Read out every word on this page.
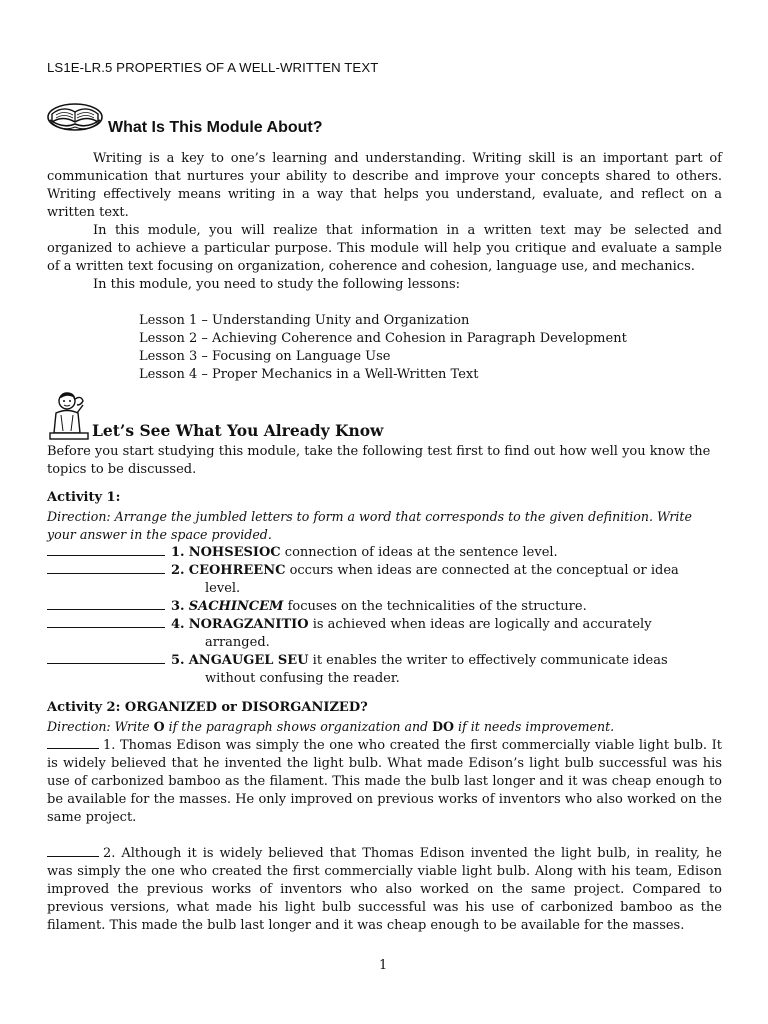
LS1E-LR.5 PROPERTIES OF A WELL-WRITTEN TEXT
What Is This Module About?

Writing is a key to one’s learning and understanding. Writing skill is an important part of communication that nurtures your ability to describe and improve your concepts shared to others. Writing effectively means writing in a way that helps you understand, evaluate, and reflect on a written text.

In this module, you will realize that information in a written text may be selected and organized to achieve a particular purpose. This module will help you critique and evaluate a sample of a written text focusing on organization, coherence and cohesion, language use, and mechanics.

In this module, you need to study the following lessons:

Lesson 1 – Understanding Unity and Organization
Lesson 2 – Achieving Coherence and Cohesion in Paragraph Development
Lesson 3 – Focusing on Language Use
Lesson 4 – Proper Mechanics in a Well-Written Text
Let’s See What You Already Know
Before you start studying this module, take the following test first to find out how well you know the topics to be discussed.
Activity 1:
Direction: Arrange the jumbled letters to form a word that corresponds to the given definition. Write your answer in the space provided.
1. NOHSESIOC connection of ideas at the sentence level.
2. CEOHREENC occurs when ideas are connected at the conceptual or idea
level.
3. SACHINCEM focuses on the technicalities of the structure.
4. NORAGZANITIO is achieved when ideas are logically and accurately
arranged.
5. ANGAUGEL SEU it enables the writer to effectively communicate ideas
without confusing the reader.
Activity 2: ORGANIZED or DISORGANIZED?
Direction: Write O if the paragraph shows organization and DO if it needs improvement.
1. Thomas Edison was simply the one who created the first commercially viable light bulb. It is widely believed that he invented the light bulb. What made Edison’s light bulb successful was his use of carbonized bamboo as the filament. This made the bulb last longer and it was cheap enough to be available for the masses. He only improved on previous works of inventors who also worked on the same project.
2. Although it is widely believed that Thomas Edison invented the light bulb, in reality, he was simply the one who created the first commercially viable light bulb. Along with his team, Edison improved the previous works of inventors who also worked on the same project. Compared to previous versions, what made his light bulb successful was his use of carbonized bamboo as the filament. This made the bulb last longer and it was cheap enough to be available for the masses.
1
